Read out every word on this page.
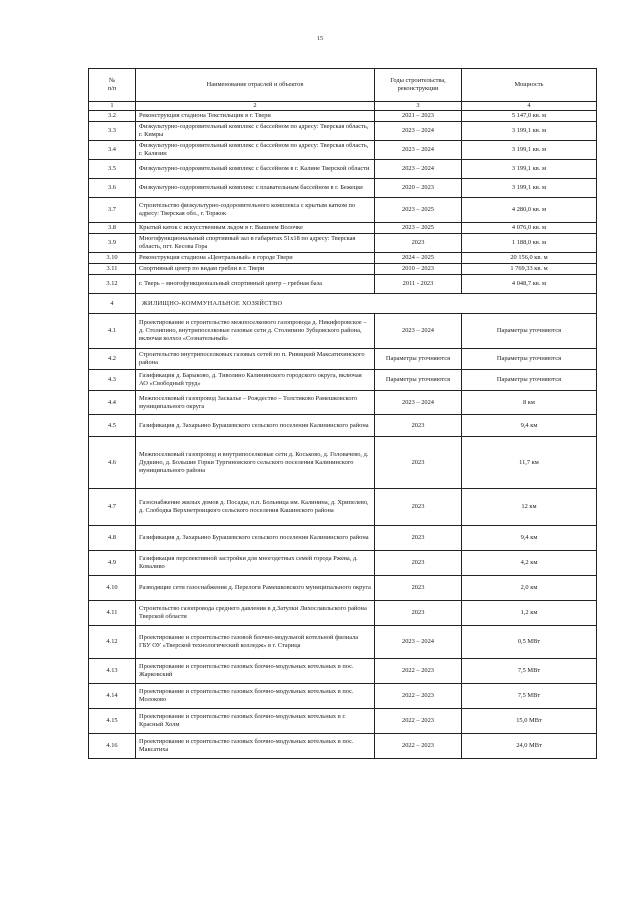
15
№
п/п	Наименование отраслей и объектов	Годы строительства, реконструкции	Мощность
1	2	3	4
3.2	Реконструкция стадиона Текстильщик в г. Твери	2021 – 2023	5 147,0 кв. м
3.3	Физкультурно-оздоровительный комплекс с бассейном по адресу: Тверская область, г. Кимры	2023 – 2024	3 199,1 кв. м
3.4	Физкультурно-оздоровительный комплекс с бассейном по адресу: Тверская область, г. Калязин	2023 – 2024	3 199,1 кв. м
3.5	Физкультурно-оздоровительный комплекс с бассейном в г. Калине Тверской области	2023 – 2024	3 199,1 кв. м
3.6	Физкультурно-оздоровительный комплекс с плавательным бассейном в г. Бежецке	2020 – 2023	3 199,1 кв. м
3.7	Строительство физкультурно-оздоровительного комплекса с крытым катком по адресу: Тверская обл., г. Торжок	2023 – 2025	4 280,0 кв. м
3.8	Крытый каток с искусственным льдом в г. Вышнем Волочке	2023 – 2025	4 076,0 кв. м
3.9	Многофункциональный спортивный зал в габаритах 51х18 по адресу: Тверская область, пгт. Кесова Гора	2023	1 188,0 кв. м
3.10	Реконструкция стадиона «Центральный» в городе Твери	2024 – 2025	20 156,0 кв. м
3.11	Спортивный центр по видам гребли в г. Твери	2010 – 2023	1 769,33 кв. м
3.12	г. Тверь – многофункциональный спортивный центр – гребная база	2011 - 2023	4 048,7 кв. м
4	ЖИЛИЩНО-КОММУНАЛЬНОЕ ХОЗЯЙСТВО		
4.1	Проектирование и строительство межпоселкового газопровода д. Никифоровское – д. Столипино, внутрипоселковые газовые сети д. Столипино Зубцовского района, включая колхоз «Сознательный»	2023 – 2024	Параметры уточняются
4.2	Строительство внутрипоселковых газовых сетей по п. Ривицкий Максатихинского района	Параметры уточняются	Параметры уточняются
4.3	Газификация д. Барыково, д. Тиволино Калининского городского округа, включая АО «Свободный труд»	Параметры уточняются	Параметры уточняются
4.4	Межпоселковый газопровод Заскалье – Рождество – Толстиково Рамешковского муниципального округа	2023 – 2024	8 км
4.5	Газификация д. Захарьино Бурашевского сельского поселения Калининского района	2023	9,4 км
4.6	Межпоселковый газопровод и внутрипоселковые сети д. Коськово, д. Головачево, д. Дудкино, д. Большие Горки Тургиновского сельского поселения Калининского муниципального района	2023	11,7 км
4.7	Газоснабжение жилых домов д. Посады, п.п. Больница им. Калинина, д. Хрипелево, д. Слободка Верхнетроицкого сельского поселения Кашинского района	2023	12 км
4.8	Газификация д. Захарьино Бурашевского сельского поселения Калининского района	2023	9,4 км
4.9	Газификация перспективной застройки для многодетных семей города Ржева, д. Коваливо	2023	4,2 км
4.10	Разводящие сети газоснабжения д. Перелоги Рамешковского муниципального округа	2023	2,0 км
4.11	Строительство газопровода среднего давления в д.Затулки Лихославльского района Тверской области	2023	1,2 км
4.12	Проектирование и строительство газовой блочно-модульной котельной филиала ГБУ ОУ «Тверской технологический колледж» в г. Старица	2023 – 2024	0,5 МВт
4.13	Проектирование и строительство газовых блочно-модульных котельных в пос. Жарковский	2022 – 2023	7,5 МВт
4.14	Проектирование и строительство газовых блочно-модульных котельных в пос. Молоково	2022 – 2023	7,5 МВт
4.15	Проектирование и строительство газовых блочно-модульных котельных в г. Красный Холм	2022 – 2023	15,0 МВт
4.16	Проектирование и строительство газовых блочно-модульных котельных в пос. Максатиха	2022 – 2023	24,0 МВт
